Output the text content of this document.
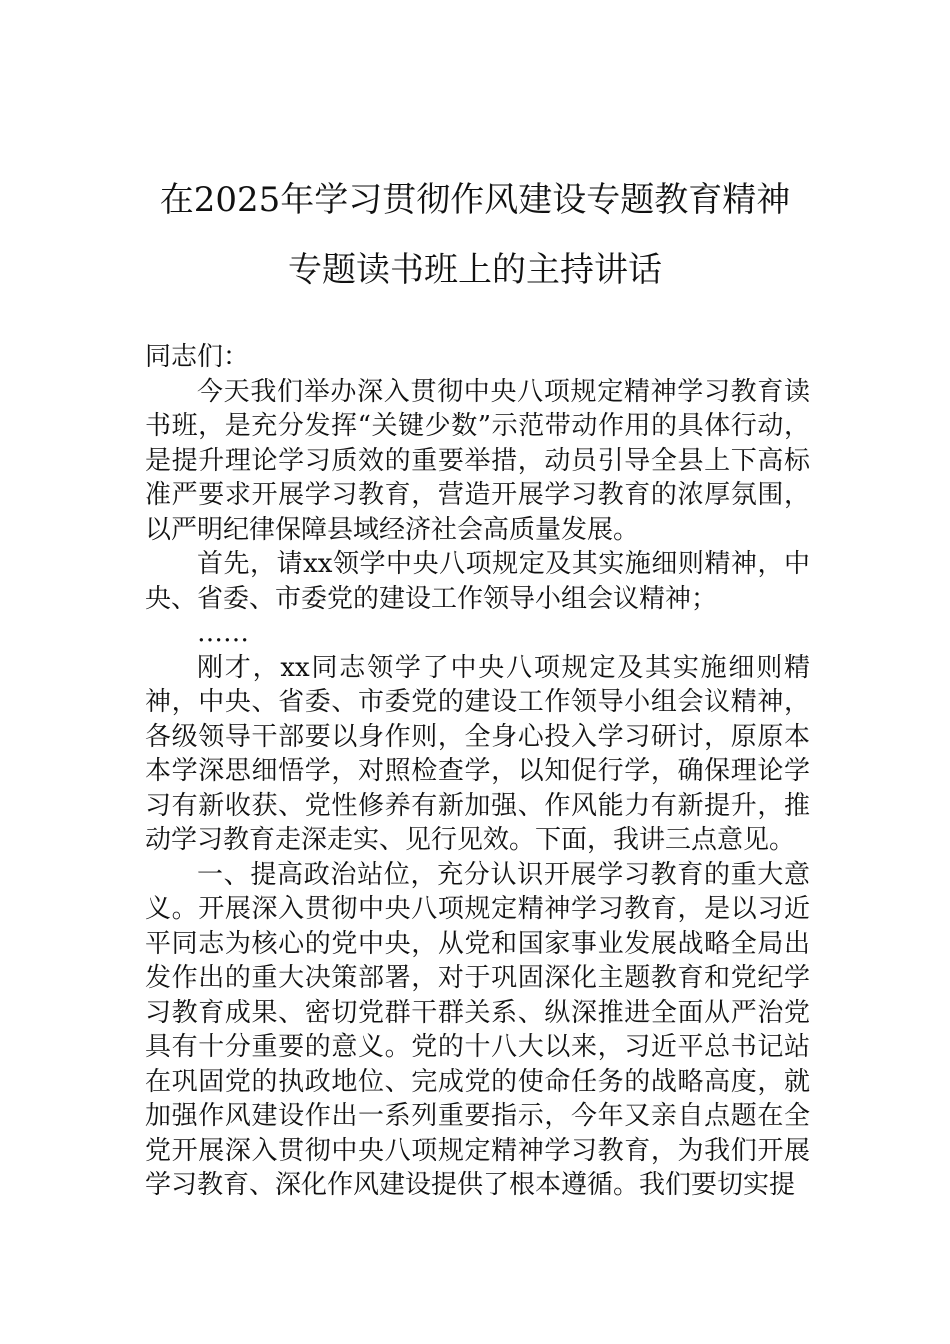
在2025年学习贯彻作风建设专题教育精神
专题读书班上的主持讲话

同志们：

今天我们举办深入贯彻中央八项规定精神学习教育读书班，是充分发挥“关键少数”示范带动作用的具体行动，是提升理论学习质效的重要举措，动员引导全县上下高标准严要求开展学习教育，营造开展学习教育的浓厚氛围，以严明纪律保障县域经济社会高质量发展。

首先，请xx领学中央八项规定及其实施细则精神，中央、省委、市委党的建设工作领导小组会议精神；

……

刚才，xx同志领学了中央八项规定及其实施细则精神，中央、省委、市委党的建设工作领导小组会议精神，各级领导干部要以身作则，全身心投入学习研讨，原原本本学深思细悟学，对照检查学，以知促行学，确保理论学习有新收获、党性修养有新加强、作风能力有新提升，推动学习教育走深走实、见行见效。下面，我讲三点意见。

一、提高政治站位，充分认识开展学习教育的重大意义。开展深入贯彻中央八项规定精神学习教育，是以习近平同志为核心的党中央，从党和国家事业发展战略全局出发作出的重大决策部署，对于巩固深化主题教育和党纪学习教育成果、密切党群干群关系、纵深推进全面从严治党具有十分重要的意义。党的十八大以来，习近平总书记站在巩固党的执政地位、完成党的使命任务的战略高度，就加强作风建设作出一系列重要指示，今年又亲自点题在全党开展深入贯彻中央八项规定精神学习教育，为我们开展学习教育、深化作风建设提供了根本遵循。我们要切实提
